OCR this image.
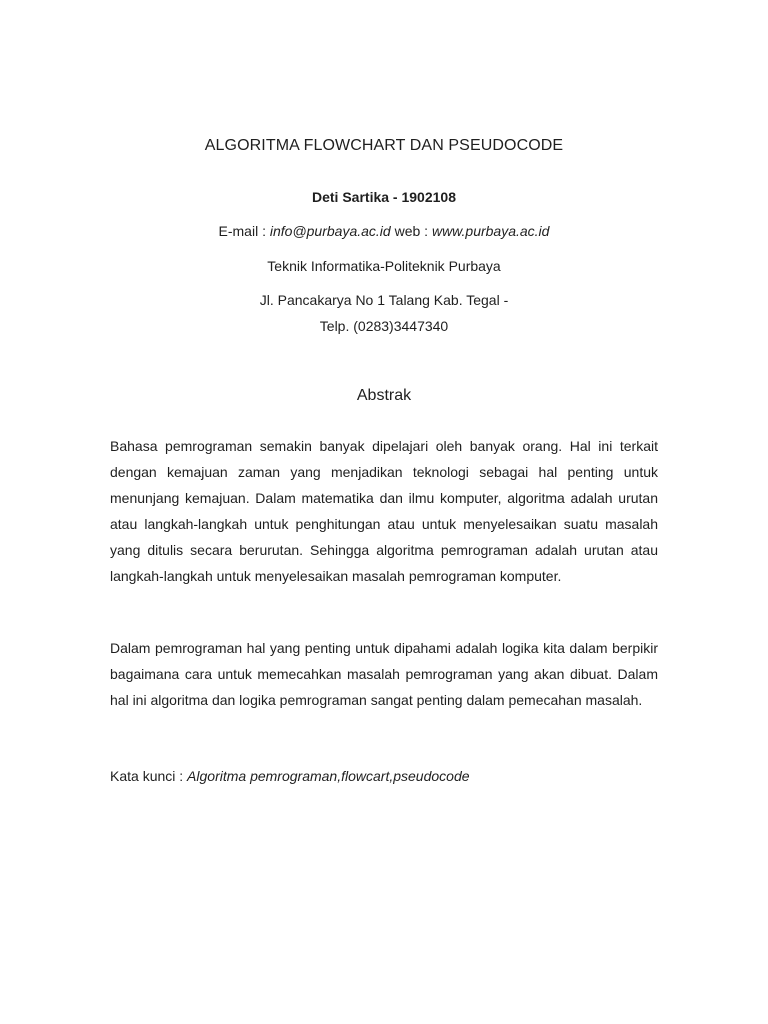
ALGORITMA FLOWCHART DAN PSEUDOCODE
Deti Sartika - 1902108
E-mail : info@purbaya.ac.id web : www.purbaya.ac.id
Teknik Informatika-Politeknik Purbaya
Jl. Pancakarya No 1 Talang Kab. Tegal -
Telp. (0283)3447340
Abstrak

Bahasa pemrograman semakin banyak dipelajari oleh banyak orang. Hal ini terkait dengan kemajuan zaman yang menjadikan teknologi sebagai hal penting untuk menunjang kemajuan. Dalam matematika dan ilmu komputer, algoritma adalah urutan atau langkah-langkah untuk penghitungan atau untuk menyelesaikan suatu masalah yang ditulis secara berurutan. Sehingga algoritma pemrograman adalah urutan atau langkah-langkah untuk menyelesaikan masalah pemrograman komputer.

Dalam pemrograman hal yang penting untuk dipahami adalah logika kita dalam berpikir bagaimana cara untuk memecahkan masalah pemrograman yang akan dibuat. Dalam hal ini algoritma dan logika pemrograman sangat penting dalam pemecahan masalah.

Kata kunci : Algoritma pemrograman,flowcart,pseudocode
